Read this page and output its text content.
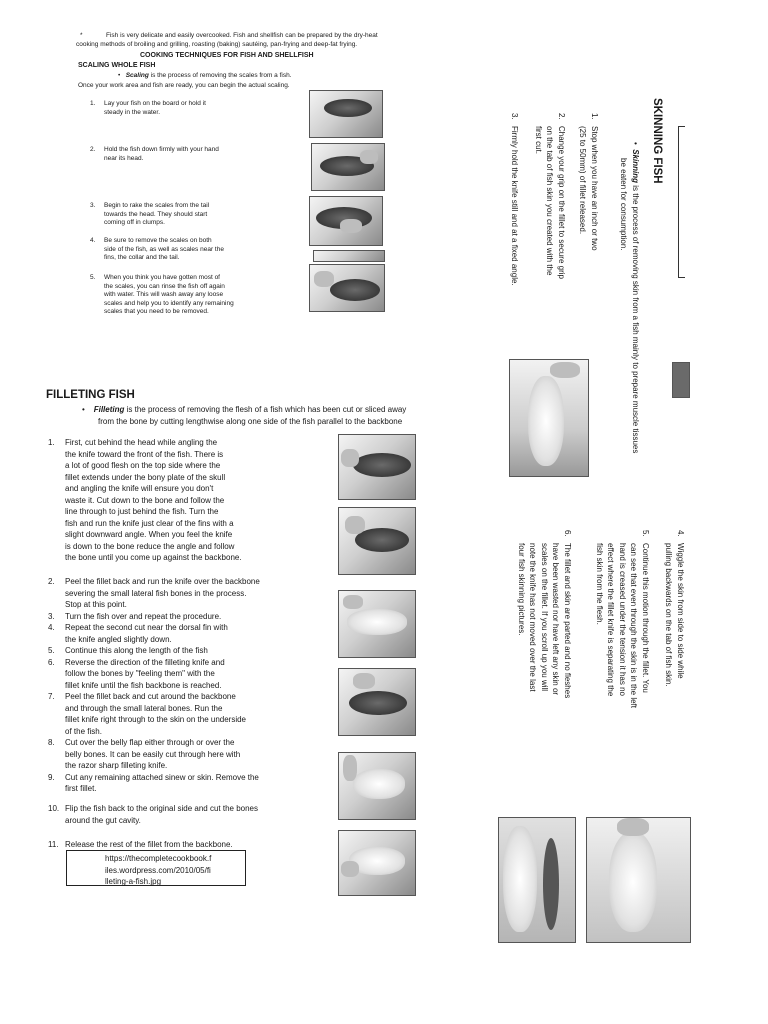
*	Fish is very delicate and easily overcooked. Fish and shellfish can be prepared by the dry-heat
cooking methods of broiling and grilling, roasting (baking) sautéing, pan-frying and deep-fat frying.
COOKING TECHNIQUES FOR FISH AND SHELLFISH
SCALING WHOLE FISH
• Scaling is the process of removing the scales from a fish.
Once your work area and fish are ready, you can begin the actual scaling.
1. Lay your fish on the board or hold it
steady in the water.
2. Hold the fish down firmly with your hand
near its head.
3. Begin to rake the scales from the tail
towards the head. They should start
coming off in clumps.
4. Be sure to remove the scales on both
side of the fish, as well as scales near the
fins, the collar and the tail.
5. When you think you have gotten most of
the scales, you can rinse the fish off again
with water. This will wash away any loose
scales and help you to identify any remaining
scales that you need to be removed.
FILLETING FISH
• Filleting is the process of removing the flesh of a fish which has been cut or sliced away
from the bone by cutting lengthwise along one side of the fish parallel to the backbone
1. First, cut behind the head while angling the
the knife toward the front of the fish. There is
a lot of good flesh on the top side where the
fillet extends under the bony plate of the skull
and angling the knife will ensure you don't
waste it. Cut down to the bone and follow the
line through to just behind the fish. Turn the
fish and run the knife just clear of the fins with a
slight downward angle. When you feel the knife
is down to the bone reduce the angle and follow
the bone until you come up against the backbone.
2. Peel the fillet back and run the knife over the backbone
severing the small lateral fish bones in the process.
Stop at this point.
3. Turn the fish over and repeat the procedure.
4. Repeat the second cut near the dorsal fin with
the knife angled slightly down.
5. Continue this along the length of the fish
6. Reverse the direction of the filleting knife and
follow the bones by "feeling them" with the
fillet knife until the fish backbone is reached.
7. Peel the fillet back and cut around the backbone
and through the small lateral bones. Run the
fillet knife right through to the skin on the underside
of the fish.
8. Cut over the belly flap either through or over the
belly bones. It can be easily cut through here with
the razor sharp filleting knife.
9. Cut any remaining attached sinew or skin. Remove the
first fillet.
10. Flip the fish back to the original side and cut the bones
around the gut cavity.
11. Release the rest of the fillet from the backbone.
https://thecompletecookbook.f
iles.wordpress.com/2010/05/fi
lleting-a-fish.jpg
SKINNING FISH
•  Skinning is the process of removing skin from a fish mainly to prepare muscle tissues
be eaten for consumption.
1.
Stop when you have an inch or two
(25 to 50mm) of fillet released.
2.
Change your grip on the fillet to secure grip
on the tab of fish skin you created with the
first cut.
3.
Firmly hold the knife still and at a fixed angle.
4.
Wiggle the skin from side to side while
pulling backwards on the tab of fish skin.
5.
Continue this motion through the fillet. You
can see that even through the skin is in the left
hand is creased under the tension it has no
effect where the fillet knife is separating the
fish skin from the flesh.
6.
The fillet and skin are parted and no fleshes
have been wasted nor have left any skin or
scales on the fillet. If you scroll up you will
note the knife has not moved over the last
four fish skinning pictures.
